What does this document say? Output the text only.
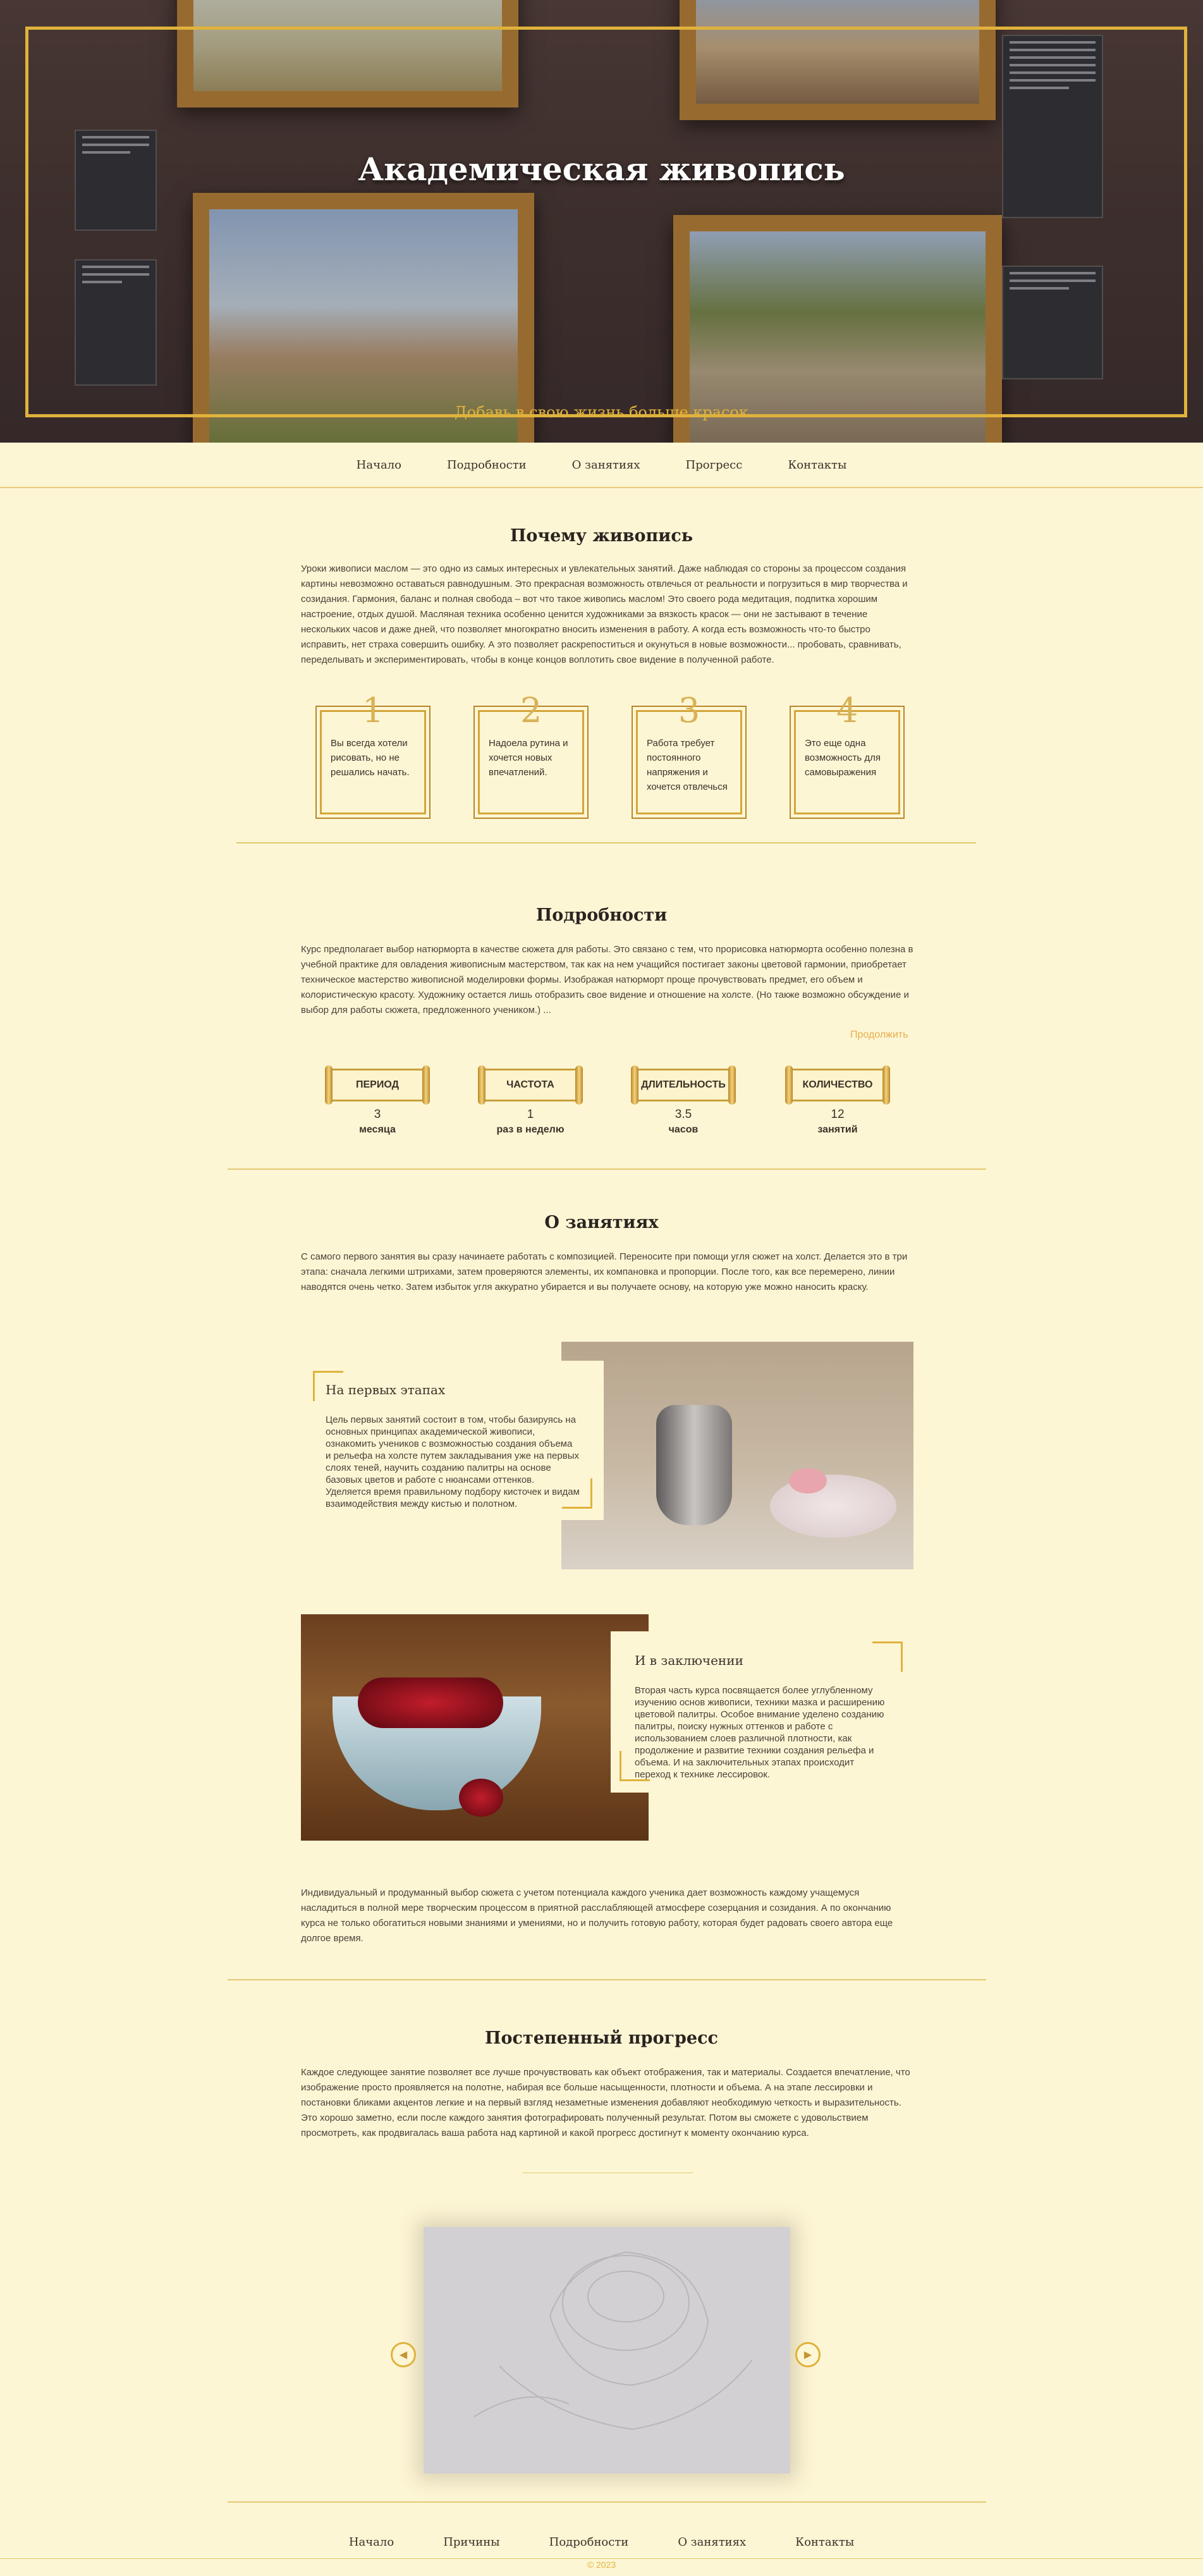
Академическая живопись
Добавь в свою жизнь больше красок
Начало	Подробности	О занятиях	Прогресс	Контакты
Почему живопись

Уроки живописи маслом — это одно из самых интересных и увлекательных занятий. Даже наблюдая со стороны за процессом создания картины невозможно оставаться равнодушным. Это прекрасная возможность отвлечься от реальности и погрузиться в мир творчества и созидания. Гармония, баланс и полная свобода – вот что такое живопись маслом! Это своего рода медитация, подпитка хорошим настроение, отдых душой. Масляная техника особенно ценится художниками за вязкость красок — они не застывают в течение нескольких часов и даже дней, что позволяет многократно вносить изменения в работу. А когда есть возможность что-то быстро исправить, нет страха совершить ошибку. А это позволяет раскрепоститься и окунуться в новые возможности... пробовать, сравнивать, переделывать и экспериментировать, чтобы в конце концов воплотить свое видение в полученной работе.

1
Вы всегда хотели рисовать, но не решались начать.
2
Надоела рутина и хочется новых впечатлений.
3
Работа требует постоянного напряжения и хочется отвлечься
4
Это еще одна возможность для самовыражения
Подробности

Курс предполагает выбор натюрморта в качестве сюжета для работы. Это связано с тем, что прорисовка натюрморта особенно полезна в учебной практике для овладения живописным мастерством, так как на нем учащийся постигает законы цветовой гармонии, приобретает техническое мастерство живописной моделировки формы. Изображая натюрморт проще прочувствовать предмет, его объем и колористическую красоту. Художнику остается лишь отобразить свое видение и отношение на холсте. (Но также возможно обсуждение и выбор для работы сюжета, предложенного учеником.) ...

Продолжить
ПЕРИОД	ЧАСТОТА	ДЛИТЕЛЬНОСТЬ	КОЛИЧЕСТВО
3	1	3.5	12
месяца	раз в неделю	часов	занятий
О занятиях

С самого первого занятия вы сразу начинаете работать с композицией. Переносите при помощи угля сюжет на холст. Делается это в три этапа: сначала легкими штрихами, затем проверяются элементы, их компановка и пропорции. После того, как все перемерено, линии наводятся очень четко. Затем избыток угля аккуратно убирается и вы получаете основу, на которую уже можно наносить краску.

На первых этапах

Цель первых занятий состоит в том, чтобы базируясь на основных принципах академической живописи, ознакомить учеников с возможностью создания объема и рельефа на холсте путем закладывания уже на первых слоях теней, научить созданию палитры на основе базовых цветов и работе с нюансами оттенков. Уделяется время правильному подбору кисточек и видам взаимодействия между кистью и полотном.

И в заключении

Вторая часть курса посвящается более углубленному изучению основ живописи, техники мазка и расширению цветовой палитры. Особое внимание уделено созданию палитры, поиску нужных оттенков и работе с использованием слоев различной плотности, как продолжение и развитие техники создания рельефа и объема. И на заключительных этапах происходит переход к технике лессировок.

Индивидуальный и продуманный выбор сюжета с учетом потенциала каждого ученика дает возможность каждому учащемуся насладиться в полной мере творческим процессом в приятной расслабляющей атмосфере созерцания и созидания. А по окончанию курса не только обогатиться новыми знаниями и умениями, но и получить готовую работу, которая будет радовать своего автора еще долгое время.

Постепенный прогресс

Каждое следующее занятие позволяет все лучше прочувствовать как объект отображения, так и материалы. Создается впечатление, что изображение просто проявляется на полотне, набирая все больше насыщенности, плотности и объема. А на этапе лессировки и постановки бликами акцентов легкие и на первый взгляд незаметные изменения добавляют необходимую четкость и выразительность. Это хорошо заметно, если после каждого занятия фотографировать полученный результат. Потом вы сможете с удовольствием просмотреть, как продвигалась ваша работа над картиной и какой прогресс достигнут к моменту окончанию курса.

◀	▶
Начало	Причины	Подробности	О занятиях	Контакты
© 2023
